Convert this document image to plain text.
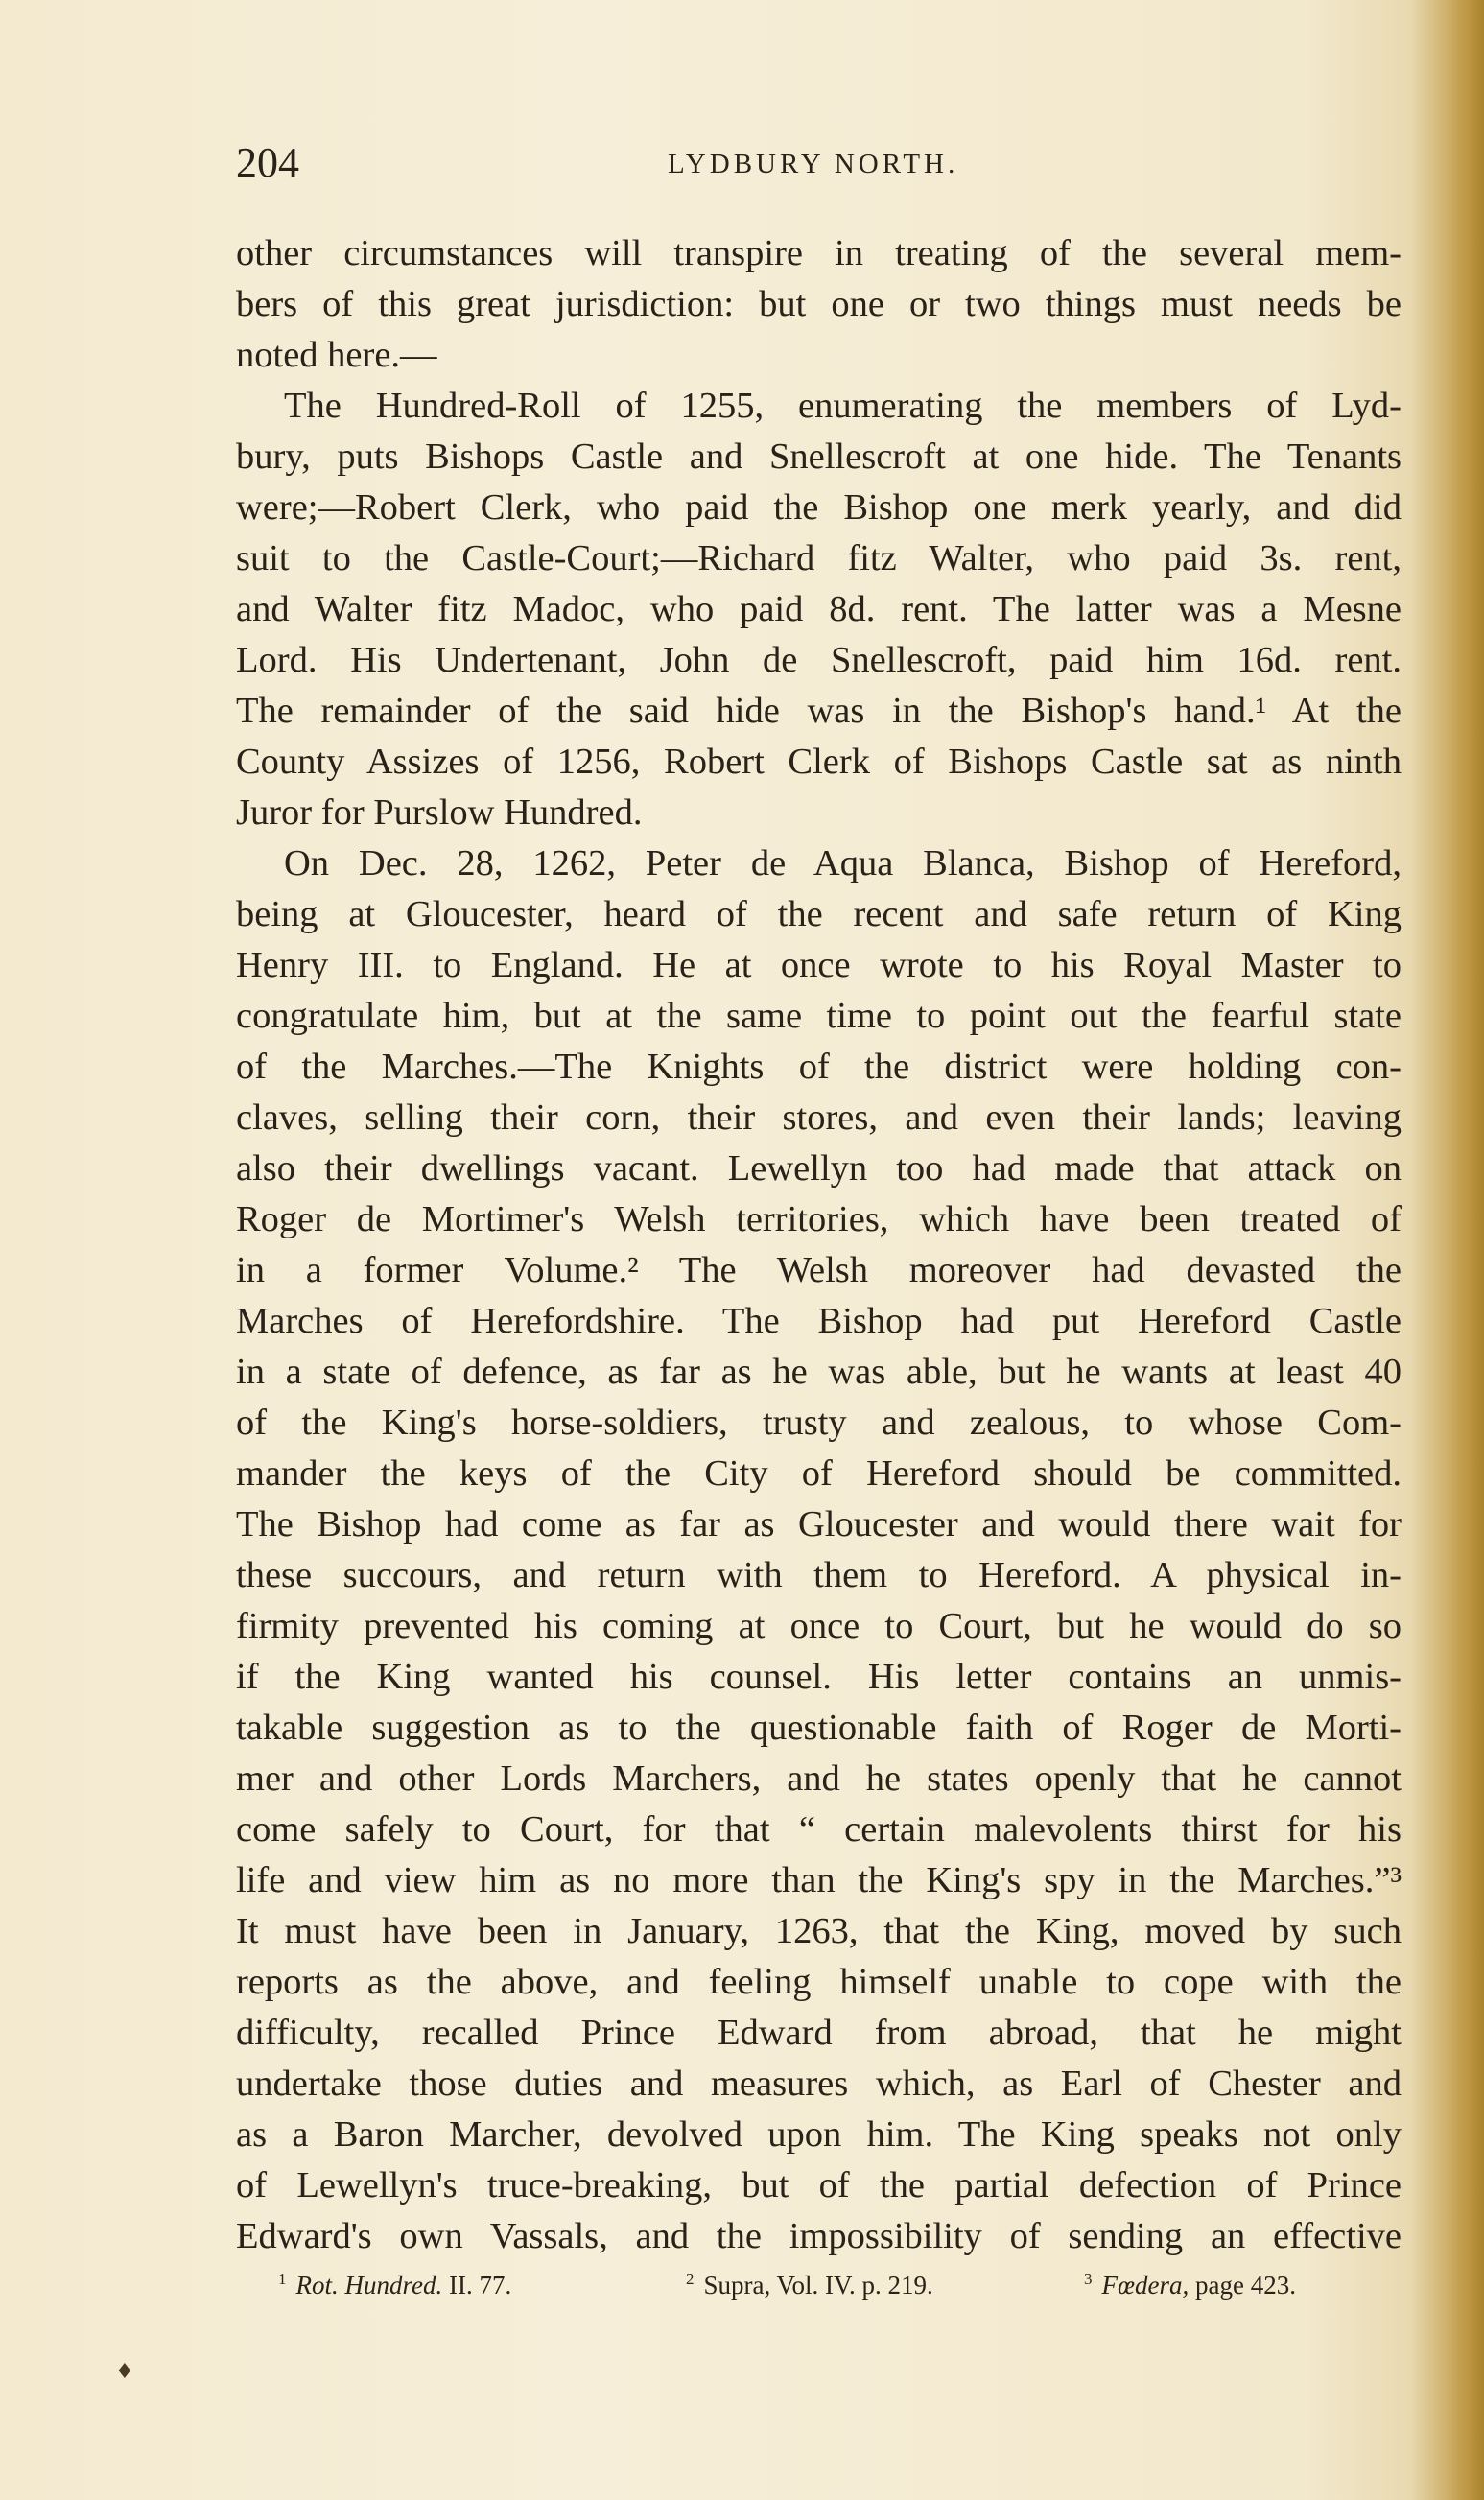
204	LYDBURY NORTH.
other circumstances will transpire in treating of the several mem-
bers of this great jurisdiction: but one or two things must needs be
noted here.—
The Hundred-Roll of 1255, enumerating the members of Lyd-
bury, puts Bishops Castle and Snellescroft at one hide. The Tenants
were;—Robert Clerk, who paid the Bishop one merk yearly, and did
suit to the Castle-Court;—Richard fitz Walter, who paid 3s. rent,
and Walter fitz Madoc, who paid 8d. rent. The latter was a Mesne
Lord. His Undertenant, John de Snellescroft, paid him 16d. rent.
The remainder of the said hide was in the Bishop's hand.¹ At the
County Assizes of 1256, Robert Clerk of Bishops Castle sat as ninth
Juror for Purslow Hundred.
On Dec. 28, 1262, Peter de Aqua Blanca, Bishop of Hereford,
being at Gloucester, heard of the recent and safe return of King
Henry III. to England. He at once wrote to his Royal Master to
congratulate him, but at the same time to point out the fearful state
of the Marches.—The Knights of the district were holding con-
claves, selling their corn, their stores, and even their lands; leaving
also their dwellings vacant. Lewellyn too had made that attack on
Roger de Mortimer's Welsh territories, which have been treated of
in a former Volume.² The Welsh moreover had devasted the
Marches of Herefordshire. The Bishop had put Hereford Castle
in a state of defence, as far as he was able, but he wants at least 40
of the King's horse-soldiers, trusty and zealous, to whose Com-
mander the keys of the City of Hereford should be committed.
The Bishop had come as far as Gloucester and would there wait for
these succours, and return with them to Hereford. A physical in-
firmity prevented his coming at once to Court, but he would do so
if the King wanted his counsel. His letter contains an unmis-
takable suggestion as to the questionable faith of Roger de Morti-
mer and other Lords Marchers, and he states openly that he cannot
come safely to Court, for that “ certain malevolents thirst for his
life and view him as no more than the King's spy in the Marches.”³
It must have been in January, 1263, that the King, moved by such
reports as the above, and feeling himself unable to cope with the
difficulty, recalled Prince Edward from abroad, that he might
undertake those duties and measures which, as Earl of Chester and
as a Baron Marcher, devolved upon him. The King speaks not only
of Lewellyn's truce-breaking, but of the partial defection of Prince
Edward's own Vassals, and the impossibility of sending an effective
$^1$ Rot. Hundred. II. 77.	$^2$ Supra, Vol. IV. p. 219.	$^3$ Fœdera, page 423.
♦
